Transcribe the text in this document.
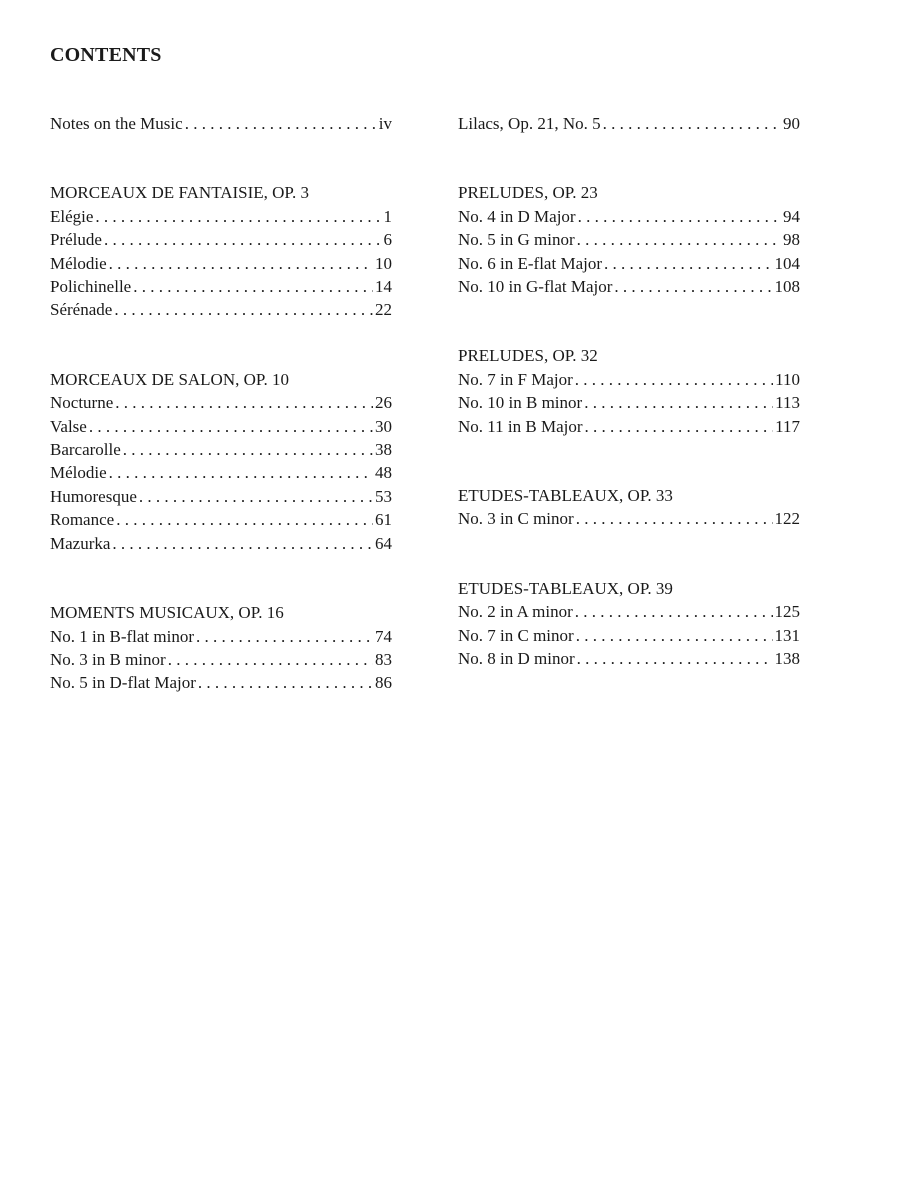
CONTENTS
Notes on the Music . . .	iv
MORCEAUX DE FANTAISIE, OP. 3
Elégie . . .	1
Prélude . . .	6
Mélodie . . .	10
Polichinelle . . .	14
Sérénade . . .	22
MORCEAUX DE SALON, OP. 10
Nocturne . . .	26
Valse . . .	30
Barcarolle . . .	38
Mélodie . . .	48
Humoresque . . .	53
Romance . . .	61
Mazurka . . .	64
MOMENTS MUSICAUX, OP. 16
No. 1 in B-flat minor . . .	74
No. 3 in B minor . . .	83
No. 5 in D-flat Major . . .	86
Lilacs, Op. 21, No. 5 . . .	90
PRELUDES, OP. 23
No. 4 in D Major . . .	94
No. 5 in G minor . . .	98
No. 6 in E-flat Major . . .	104
No. 10 in G-flat Major . . .	108
PRELUDES, OP. 32
No. 7 in F Major . . .	110
No. 10 in B minor . . .	113
No. 11 in B Major . . .	117
ETUDES-TABLEAUX, OP. 33
No. 3 in C minor . . .	122
ETUDES-TABLEAUX, OP. 39
No. 2 in A minor . . .	125
No. 7 in C minor . . .	131
No. 8 in D minor . . .	138
